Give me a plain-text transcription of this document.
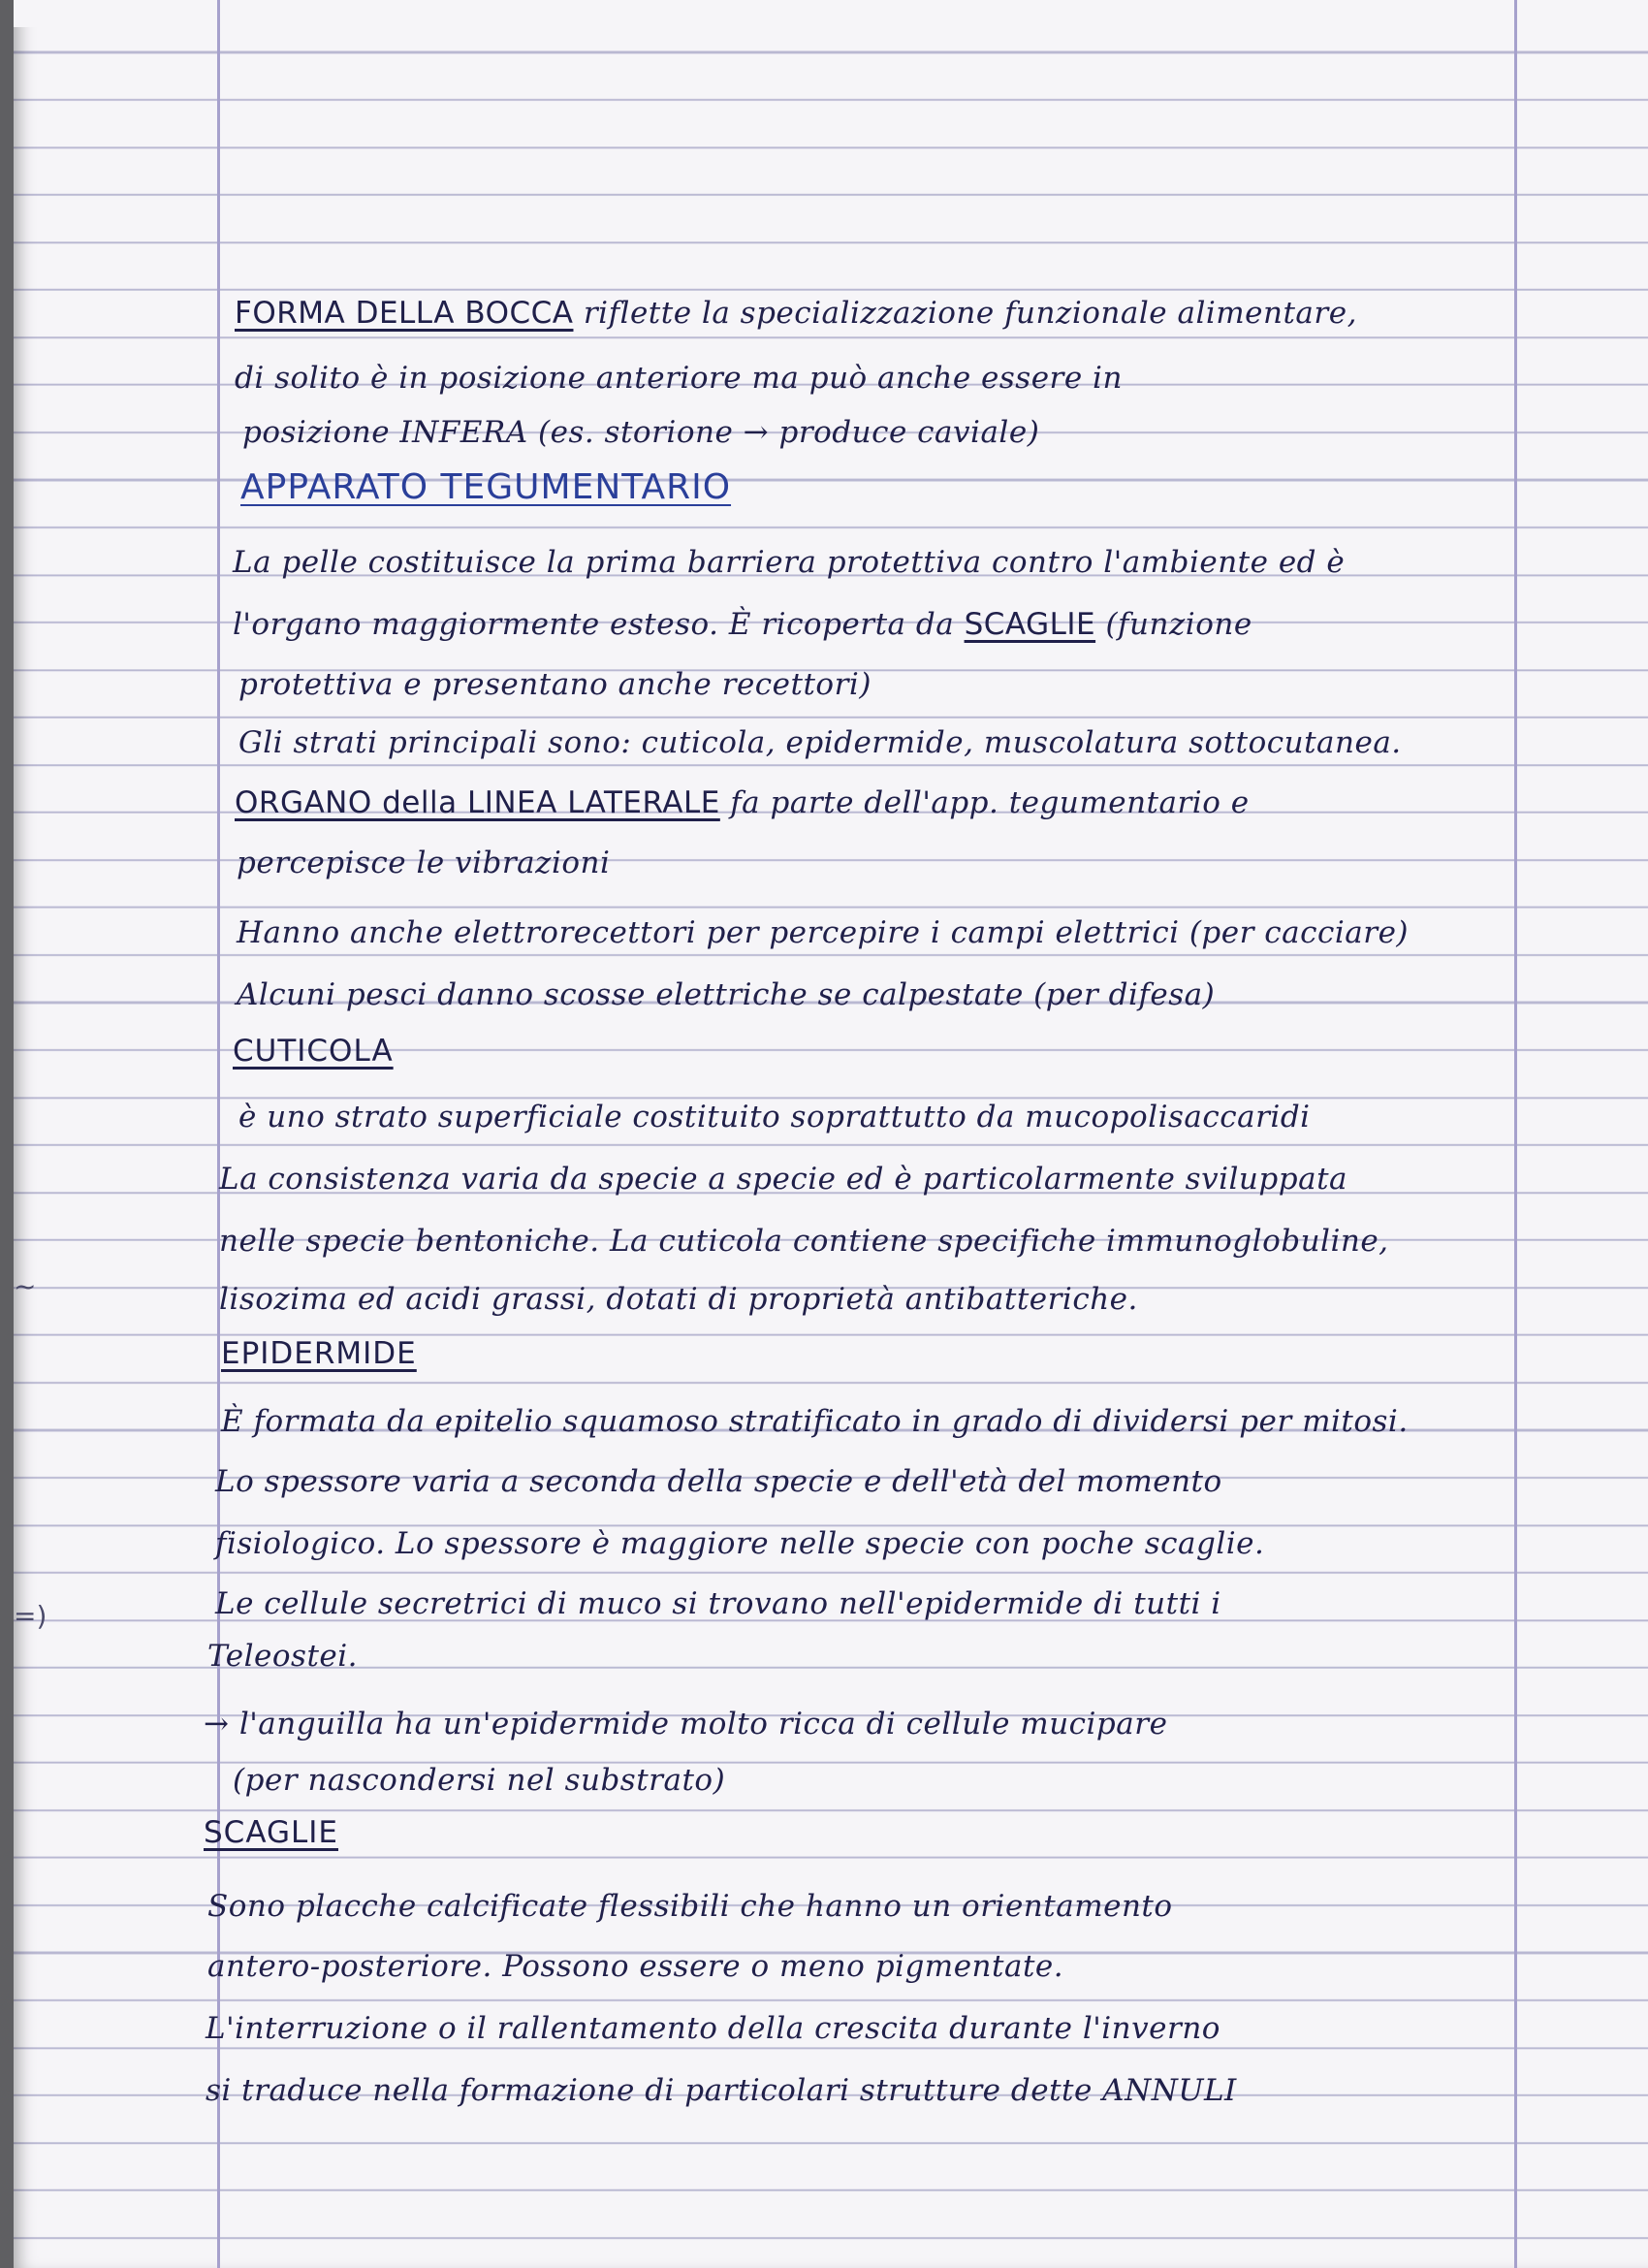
~
=)
FORMA DELLA BOCCA riflette la specializzazione funzionale alimentare,
di solito è in posizione anteriore ma può anche essere in
posizione INFERA (es. storione → produce caviale)
APPARATO TEGUMENTARIO
La pelle costituisce la prima barriera protettiva contro l'ambiente ed è
l'organo maggiormente esteso. È ricoperta da SCAGLIE (funzione
protettiva e presentano anche recettori)
Gli strati principali sono: cuticola, epidermide, muscolatura sottocutanea.
ORGANO della LINEA LATERALE fa parte dell'app. tegumentario e
percepisce le vibrazioni
Hanno anche elettrorecettori per percepire i campi elettrici (per cacciare)
Alcuni pesci danno scosse elettriche se calpestate (per difesa)
CUTICOLA
è uno strato superficiale costituito soprattutto da mucopolisaccaridi
La consistenza varia da specie a specie ed è particolarmente sviluppata
nelle specie bentoniche. La cuticola contiene specifiche immunoglobuline,
lisozima ed acidi grassi, dotati di proprietà antibatteriche.
EPIDERMIDE
È formata da epitelio squamoso stratificato in grado di dividersi per mitosi.
Lo spessore varia a seconda della specie e dell'età del momento
fisiologico. Lo spessore è maggiore nelle specie con poche scaglie.
Le cellule secretrici di muco si trovano nell'epidermide di tutti i
Teleostei.
→ l'anguilla ha un'epidermide molto ricca di cellule mucipare
(per nascondersi nel substrato)
SCAGLIE
Sono placche calcificate flessibili che hanno un orientamento
antero-posteriore. Possono essere o meno pigmentate.
L'interruzione o il rallentamento della crescita durante l'inverno
si traduce nella formazione di particolari strutture dette ANNULI
